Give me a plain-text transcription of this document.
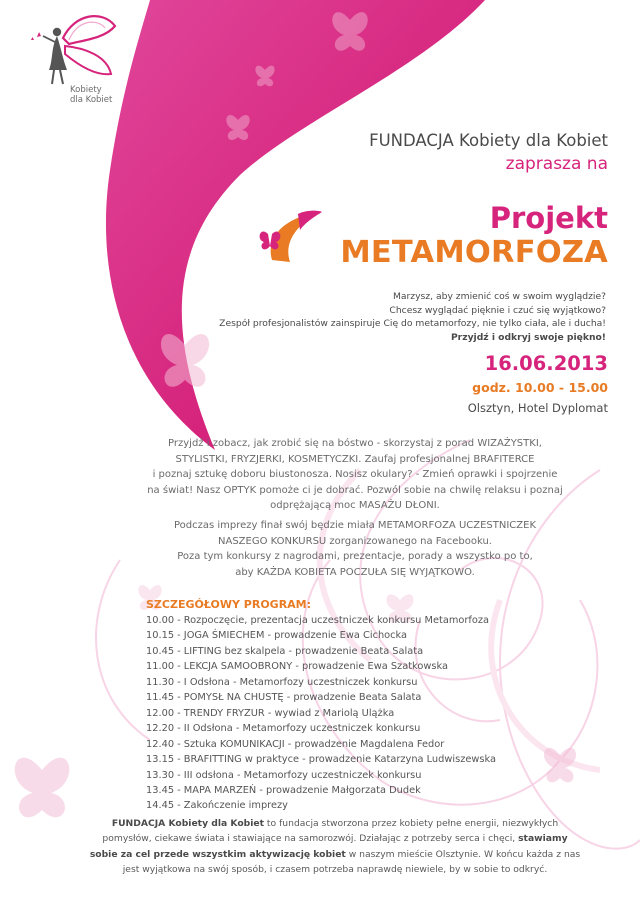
Kobiety
dla Kobiet
FUNDACJA Kobiety dla Kobiet
zaprasza na
Projekt
METAMORFOZA
Marzysz, aby zmienić coś w swoim wyglądzie?
Chcesz wyglądać pięknie i czuć się wyjątkowo?
Zespół profesjonalistów zainspiruje Cię do metamorfozy, nie tylko ciała, ale i ducha!
Przyjdź i odkryj swoje piękno!
16.06.2013
godz. 10.00 - 15.00
Olsztyn, Hotel Dyplomat
Przyjdź i zobacz, jak zrobić się na bóstwo - skorzystaj z porad WIZAŻYSTKI,
STYLISTKI, FRYZJERKI, KOSMETYCZKI. Zaufaj profesjonalnej BRAFITERCE
i poznaj sztukę doboru biustonosza. Nosisz okulary? - Zmień oprawki i spojrzenie
na świat! Nasz OPTYK pomoże ci je dobrać. Pozwól sobie na chwilę relaksu i poznaj
odprężającą moc MASAŻU DŁONI.
Podczas imprezy finał swój będzie miała METAMORFOZA UCZESTNICZEK
NASZEGO KONKURSU zorganizowanego na Facebooku.
Poza tym konkursy z nagrodami, prezentacje, porady a wszystko po to,
aby KAŻDA KOBIETA POCZUŁA SIĘ WYJĄTKOWO.
SZCZEGÓŁOWY PROGRAM:
10.00 - Rozpoczęcie, prezentacja uczestniczek konkursu Metamorfoza
10.15 - JOGA ŚMIECHEM - prowadzenie Ewa Cichocka
10.45 - LIFTING bez skalpela - prowadzenie Beata Salata
11.00 - LEKCJA SAMOOBRONY - prowadzenie Ewa Szatkowska
11.30 - I Odsłona - Metamorfozy uczestniczek konkursu
11.45 - POMYSŁ NA CHUSTĘ - prowadzenie Beata Salata
12.00 - TRENDY FRYZUR - wywiad z Mariolą Ulążka
12.20 - II Odsłona - Metamorfozy uczestniczek konkursu
12.40 - Sztuka KOMUNIKACJI - prowadzenie Magdalena Fedor
13.15 - BRAFITTING w praktyce - prowadzenie Katarzyna Ludwiszewska
13.30 - III odsłona - Metamorfozy uczestniczek konkursu
13.45 - MAPA MARZEŃ - prowadzenie Małgorzata Dudek
14.45 - Zakończenie imprezy
FUNDACJA Kobiety dla Kobiet to fundacja stworzona przez kobiety pełne energii, niezwykłych
pomysłów, ciekawe świata i stawiające na samorozwój. Działając z potrzeby serca i chęci, stawiamy
sobie za cel przede wszystkim aktywizację kobiet w naszym mieście Olsztynie. W końcu każda z nas
jest wyjątkowa na swój sposób, i czasem potrzeba naprawdę niewiele, by w sobie to odkryć.
